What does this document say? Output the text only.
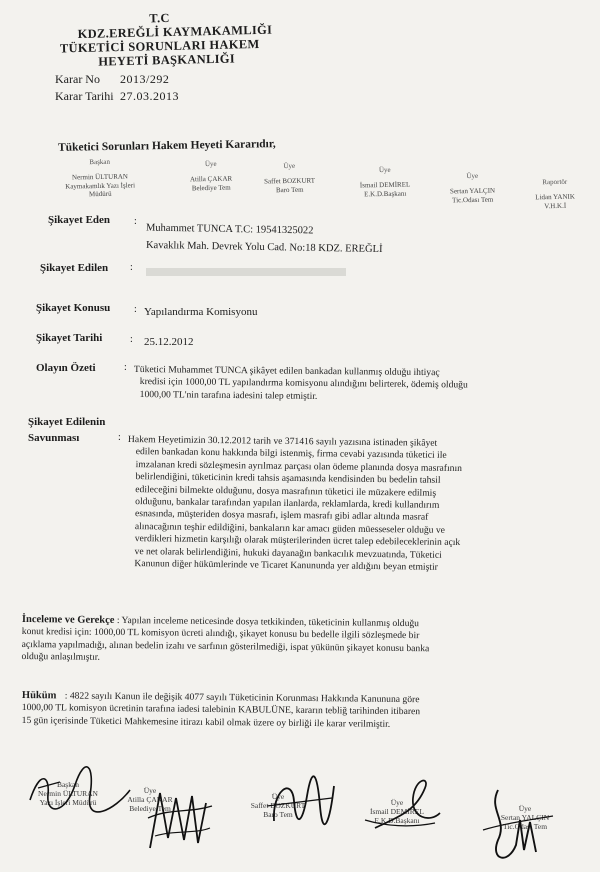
T.C
KDZ.EREĞLİ KAYMAKAMLIĞI
TÜKETİCİ SORUNLARI HAKEM
HEYETİ BAŞKANLIĞI
Karar No 2013/292
Karar Tarihi 27.03.2013
Tüketici Sorunları Hakem Heyeti Kararıdır,
Başkan
Nermin ÜLTURAN
Kaymakamlık Yazı İşleri
Müdürü
Üye
Atilla ÇAKAR
Belediye Tem
Üye
Saffet BOZKURT
Baro Tem
Üye
İsmail DEMİREL
E.K.D.Başkanı
Üye
Sertan YALÇIN
Tic.Odası Tem
Raportör
Lidan YANIK
V.H.K.İ
Şikayet Eden :
Muhammet TUNCA T.C: 19541325022
Kavaklık Mah. Devrek Yolu Cad. No:18 KDZ. EREĞLİ
Şikayet Edilen :
Şikayet Konusu : Yapılandırma Komisyonu
Şikayet Tarihi	: 25.12.2012
Olayın Özeti	: Tüketici Muhammet TUNCA şikâyet edilen bankadan kullanmış olduğu ihtiyaç
kredisi için 1000,00 TL yapılandırma komisyonu alındığını belirterek, ödemiş olduğu
1000,00 TL'nin tarafına iadesini talep etmiştir.
Şikayet Edilenin
Savunması	: Hakem Heyetimizin 30.12.2012 tarih ve 371416 sayılı yazısına istinaden şikâyet
edilen bankadan konu hakkında bilgi istenmiş, firma cevabi yazısında tüketici ile
imzalanan kredi sözleşmesin ayrılmaz parçası olan ödeme planında dosya masrafının
belirlendiğini, tüketicinin kredi tahsis aşamasında kendisinden bu bedelin tahsil
edileceğini bilmekte olduğunu, dosya masrafının tüketici ile müzakere edilmiş
olduğunu, bankalar tarafından yapılan ilanlarda, reklamlarda, kredi kullandırım
esnasında, müşteriden dosya masrafı, işlem masrafı gibi adlar altında masraf
alınacağının teşhir edildiğini, bankaların kar amacı güden müesseseler olduğu ve
verdikleri hizmetin karşılığı olarak müşterilerinden ücret talep edebileceklerinin açık
ve net olarak belirlendiğini, hukuki dayanağın bankacılık mevzuatında, Tüketici
Kanunun diğer hükümlerinde ve Ticaret Kanununda yer aldığını beyan etmiştir
İnceleme ve Gerekçe : Yapılan inceleme neticesinde dosya tetkikinden, tüketicinin kullanmış olduğu
konut kredisi için: 1000,00 TL komisyon ücreti alındığı, şikayet konusu bu bedelle ilgili sözleşmede bir
açıklama yapılmadığı, alınan bedelin izahı ve sarfının gösterilmediği, ispat yükünün şikayet konusu banka
olduğu anlaşılmıştır.
Hüküm : 4822 sayılı Kanun ile değişik 4077 sayılı Tüketicinin Korunması Hakkında Kanununa göre
1000,00 TL komisyon ücretinin tarafına iadesi talebinin KABULÜNE, kararın tebliğ tarihinden itibaren
15 gün içerisinde Tüketici Mahkemesine itirazı kabil olmak üzere oy birliği ile karar verilmiştir.
Başkan
Nermin ÜLTURAN
Yazı İşleri Müdürü
Üye
Atilla ÇAKAR
Belediye Tem
Üye
Saffet BOZKURT
Baro Tem
Üye
İsmail DEMİREL
E.K.D.Başkanı
Üye
Sertan YALÇIN
Tic.Odası Tem
